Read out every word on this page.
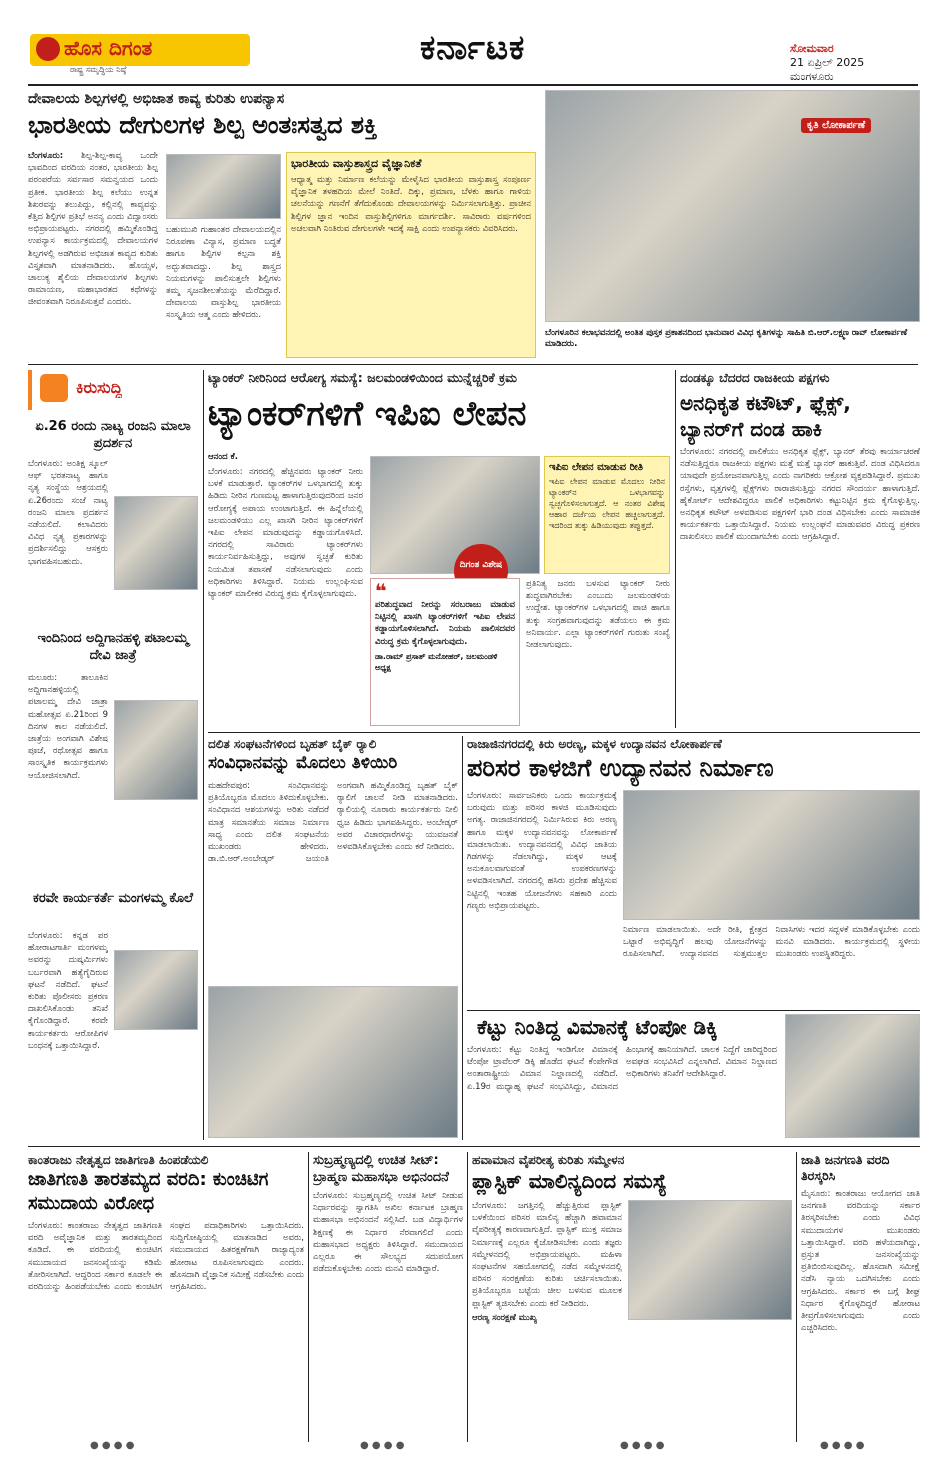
ಹೊಸ ದಿಗಂತ
ರಾಷ್ಟ್ರ ಸಮೃದ್ಧಿಯ ನಿಷ್ಠೆ
ಕರ್ನಾಟಕ	ಸೋಮವಾರ
21 ಏಪ್ರಿಲ್ 2025
ಮಂಗಳೂರು
ದೇವಾಲಯ ಶಿಲ್ಪಗಳಲ್ಲಿ ಅಭಿಜಾತ ಕಾವ್ಯ ಕುರಿತು ಉಪನ್ಯಾಸ
ಭಾರತೀಯ ದೇಗುಲಗಳ ಶಿಲ್ಪ ಅಂತಃಸತ್ವದ ಶಕ್ತಿ
ಬೆಂಗಳೂರು: ಶಿಲ್ಪ-ಶಿಲ್ಪ-ಕಾವ್ಯ ಒಂದೇ ಭಾವದಿಂದ ವರದಿಯ ನಂತರ, ಭಾರತೀಯ ಶಿಲ್ಪ ಪರಂಪರೆಯ ಸರ್ವಸಾರ ಸಮನ್ವಯದ ಒಂದು ಪ್ರತೀಕ. ಭಾರತೀಯ ಶಿಲ್ಪ ಕಲೆಯು ಉನ್ನತ ಶಿಖರವನ್ನು ತಲುಪಿದ್ದು, ಕಲ್ಲಿನಲ್ಲಿ ಕಾವ್ಯವನ್ನು ಕೆತ್ತಿದ ಶಿಲ್ಪಿಗಳ ಪ್ರತಿಭೆ ಅನನ್ಯ ಎಂದು ವಿದ್ವಾಂಸರು ಅಭಿಪ್ರಾಯಪಟ್ಟರು. ನಗರದಲ್ಲಿ ಹಮ್ಮಿಕೊಂಡಿದ್ದ ಉಪನ್ಯಾಸ ಕಾರ್ಯಕ್ರಮದಲ್ಲಿ ದೇವಾಲಯಗಳ ಶಿಲ್ಪಗಳಲ್ಲಿ ಅಡಗಿರುವ ಅಭಿಜಾತ ಕಾವ್ಯದ ಕುರಿತು ವಿಸ್ತೃತವಾಗಿ ಮಾತನಾಡಿದರು. ಹೊಯ್ಸಳ, ಚಾಲುಕ್ಯ ಶೈಲಿಯ ದೇವಾಲಯಗಳ ಶಿಲ್ಪಗಳು ರಾಮಾಯಣ, ಮಹಾಭಾರತದ ಕಥೆಗಳನ್ನು ಜೀವಂತವಾಗಿ ನಿರೂಪಿಸುತ್ತವೆ ಎಂದರು.
ಬಹುಮುಖಿ ಗುಹಾಂತರ ದೇವಾಲಯದಲ್ಲಿನ ನಿರೂಪಣಾ ವಿನ್ಯಾಸ, ಪ್ರಮಾಣ ಬದ್ಧತೆ ಹಾಗೂ ಶಿಲ್ಪಿಗಳ ಕಲ್ಪನಾ ಶಕ್ತಿ ಅದ್ಭುತವಾದದ್ದು. ಶಿಲ್ಪ ಶಾಸ್ತ್ರದ ನಿಯಮಗಳನ್ನು ಪಾಲಿಸುತ್ತಲೇ ಶಿಲ್ಪಿಗಳು ತಮ್ಮ ಸೃಜನಶೀಲತೆಯನ್ನು ಮೆರೆದಿದ್ದಾರೆ. ದೇವಾಲಯ ವಾಸ್ತುಶಿಲ್ಪ ಭಾರತೀಯ ಸಂಸ್ಕೃತಿಯ ಆತ್ಮ ಎಂದು ಹೇಳಿದರು.
ಭಾರತೀಯ ವಾಸ್ತುಶಾಸ್ತ್ರದ ವೈಜ್ಞಾನಿಕತೆ
ಆಧ್ಯಾತ್ಮ ಮತ್ತು ನಿರ್ಮಾಣ ಕಲೆಯನ್ನು ಮೇಳೈಸಿದ ಭಾರತೀಯ ವಾಸ್ತುಶಾಸ್ತ್ರ ಸಂಪೂರ್ಣ ವೈಜ್ಞಾನಿಕ ತಳಹದಿಯ ಮೇಲೆ ನಿಂತಿದೆ. ದಿಕ್ಕು, ಪ್ರಮಾಣ, ಬೆಳಕು ಹಾಗೂ ಗಾಳಿಯ ಚಲನೆಯನ್ನು ಗಣನೆಗೆ ತೆಗೆದುಕೊಂಡು ದೇವಾಲಯಗಳನ್ನು ನಿರ್ಮಿಸಲಾಗುತ್ತಿತ್ತು. ಪ್ರಾಚೀನ ಶಿಲ್ಪಿಗಳ ಜ್ಞಾನ ಇಂದಿನ ವಾಸ್ತುಶಿಲ್ಪಿಗಳಿಗೂ ಮಾರ್ಗದರ್ಶಿ. ಸಾವಿರಾರು ವರ್ಷಗಳಿಂದ ಅಚಲವಾಗಿ ನಿಂತಿರುವ ದೇಗುಲಗಳೇ ಇದಕ್ಕೆ ಸಾಕ್ಷಿ ಎಂದು ಉಪನ್ಯಾಸಕರು ವಿವರಿಸಿದರು.
ಕೃತಿ ಲೋಕಾರ್ಪಣೆ
ಬೆಂಗಳೂರಿನ ಕಲಾಭವನದಲ್ಲಿ ಅಂತಿತ ಪುಸ್ತಕ ಪ್ರಕಾಶನದಿಂದ ಭಾನುವಾರ ವಿವಿಧ ಕೃತಿಗಳನ್ನು ಸಾಹಿತಿ ಬಿ.ಆರ್.ಲಕ್ಷ್ಮಣ ರಾವ್ ಲೋಕಾರ್ಪಣೆ ಮಾಡಿದರು.
ಕಿರುಸುದ್ದಿ
ಏ.26 ರಂದು ನಾಟ್ಯ ರಂಜನಿ ಮಾಲಾ ಪ್ರದರ್ಶನ
ಬೆಂಗಳೂರು: ಅಂತಿಕ್ಷ ಸ್ಕೂಲ್ ಆಫ್ ಭರತನಾಟ್ಯ ಹಾಗೂ ನೃತ್ಯ ಸಂಸ್ಥೆಯ ಆಶ್ರಯದಲ್ಲಿ ಏ.26ರಂದು ಸಂಜೆ ನಾಟ್ಯ ರಂಜನಿ ಮಾಲಾ ಪ್ರದರ್ಶನ ನಡೆಯಲಿದೆ. ಕಲಾವಿದರು ವಿವಿಧ ನೃತ್ಯ ಪ್ರಕಾರಗಳನ್ನು ಪ್ರದರ್ಶಿಸಲಿದ್ದು ಆಸಕ್ತರು ಭಾಗವಹಿಸಬಹುದು.
ಇಂದಿನಿಂದ ಅದ್ದಿಗಾನಹಳ್ಳಿ ಪಟಾಲಮ್ಮ ದೇವಿ ಜಾತ್ರೆ
ಮಲೂರು: ತಾಲೂಕಿನ ಅದ್ದಿಗಾನಹಳ್ಳಿಯಲ್ಲಿ ಪಟಾಲಮ್ಮ ದೇವಿ ಜಾತ್ರಾ ಮಹೋತ್ಸವ ಏ.21ರಿಂದ 9 ದಿನಗಳ ಕಾಲ ನಡೆಯಲಿದೆ. ಜಾತ್ರೆಯ ಅಂಗವಾಗಿ ವಿಶೇಷ ಪೂಜೆ, ರಥೋತ್ಸವ ಹಾಗೂ ಸಾಂಸ್ಕೃತಿಕ ಕಾರ್ಯಕ್ರಮಗಳು ಆಯೋಜಿಸಲಾಗಿದೆ.
ಕರವೇ ಕಾರ್ಯಕರ್ತೆ ಮಂಗಳಮ್ಮ ಕೊಲೆ
ಬೆಂಗಳೂರು: ಕನ್ನಡ ಪರ ಹೋರಾಟಗಾರ್ತಿ ಮಂಗಳಮ್ಮ ಅವರನ್ನು ದುಷ್ಕರ್ಮಿಗಳು ಬರ್ಬರವಾಗಿ ಹತ್ಯೆಗೈದಿರುವ ಘಟನೆ ನಡೆದಿದೆ. ಘಟನೆ ಕುರಿತು ಪೊಲೀಸರು ಪ್ರಕರಣ ದಾಖಲಿಸಿಕೊಂಡು ತನಿಖೆ ಕೈಗೊಂಡಿದ್ದಾರೆ. ಕರವೇ ಕಾರ್ಯಕರ್ತರು ಆರೋಪಿಗಳ ಬಂಧನಕ್ಕೆ ಒತ್ತಾಯಿಸಿದ್ದಾರೆ.
ಟ್ಯಾಂಕರ್ ನೀರಿನಿಂದ ಆರೋಗ್ಯ ಸಮಸ್ಯೆ: ಜಲಮಂಡಳಿಯಿಂದ ಮುನ್ನೆಚ್ಚರಿಕೆ ಕ್ರಮ
ಟ್ಯಾಂಕರ್‌ಗಳಿಗೆ ಇಪಿಐ ಲೇಪನ
ಆನಂದ ಕೆ.
ಬೆಂಗಳೂರು: ನಗರದಲ್ಲಿ ಹೆಚ್ಚಿನವರು ಟ್ಯಾಂಕರ್ ನೀರು ಬಳಕೆ ಮಾಡುತ್ತಾರೆ. ಟ್ಯಾಂಕರ್‌ಗಳ ಒಳಭಾಗದಲ್ಲಿ ತುಕ್ಕು ಹಿಡಿದು ನೀರಿನ ಗುಣಮಟ್ಟ ಹಾಳಾಗುತ್ತಿರುವುದರಿಂದ ಜನರ ಆರೋಗ್ಯಕ್ಕೆ ಅಪಾಯ ಉಂಟಾಗುತ್ತಿದೆ. ಈ ಹಿನ್ನೆಲೆಯಲ್ಲಿ ಜಲಮಂಡಳಿಯು ಎಲ್ಲ ಖಾಸಗಿ ನೀರಿನ ಟ್ಯಾಂಕರ್‌ಗಳಿಗೆ ಇಪಿಐ ಲೇಪನ ಮಾಡುವುದನ್ನು ಕಡ್ಡಾಯಗೊಳಿಸಿದೆ. ನಗರದಲ್ಲಿ ಸಾವಿರಾರು ಟ್ಯಾಂಕರ್‌ಗಳು ಕಾರ್ಯನಿರ್ವಹಿಸುತ್ತಿದ್ದು, ಅವುಗಳ ಸ್ವಚ್ಛತೆ ಕುರಿತು ನಿಯಮಿತ ತಪಾಸಣೆ ನಡೆಸಲಾಗುವುದು ಎಂದು ಅಧಿಕಾರಿಗಳು ತಿಳಿಸಿದ್ದಾರೆ. ನಿಯಮ ಉಲ್ಲಂಘಿಸುವ ಟ್ಯಾಂಕರ್ ಮಾಲೀಕರ ವಿರುದ್ಧ ಕ್ರಮ ಕೈಗೊಳ್ಳಲಾಗುವುದು.
ದಿಗಂತ ವಿಶೇಷ
ಇಪಿಐ ಲೇಪನ ಮಾಡುವ ರೀತಿ
ಇಪಿಐ ಲೇಪನ ಮಾಡುವ ಮೊದಲು ನೀರಿನ ಟ್ಯಾಂಕರ್‌ನ ಒಳಭಾಗವನ್ನು ಸ್ವಚ್ಛಗೊಳಿಸಲಾಗುತ್ತದೆ. ಆ ನಂತರ ವಿಶೇಷ ಆಹಾರ ದರ್ಜೆಯ ಲೇಪನ ಹಚ್ಚಲಾಗುತ್ತದೆ. ಇದರಿಂದ ತುಕ್ಕು ಹಿಡಿಯುವುದು ತಪ್ಪುತ್ತದೆ.
❝
ಪರಿಶುದ್ಧವಾದ ನೀರನ್ನು ಸರಬರಾಜು ಮಾಡುವ ನಿಟ್ಟಿನಲ್ಲಿ ಖಾಸಗಿ ಟ್ಯಾಂಕರ್‌ಗಳಿಗೆ ಇಪಿಐ ಲೇಪನ ಕಡ್ಡಾಯಗೊಳಿಸಲಾಗಿದೆ. ನಿಯಮ ಪಾಲಿಸದವರ ವಿರುದ್ಧ ಕ್ರಮ ಕೈಗೊಳ್ಳಲಾಗುವುದು.
ಡಾ.ರಾಮ್ ಪ್ರಸಾತ್ ಮನೋಹರ್, ಜಲಮಂಡಳಿ ಅಧ್ಯಕ್ಷ
ಪ್ರತಿನಿತ್ಯ ಜನರು ಬಳಸುವ ಟ್ಯಾಂಕರ್ ನೀರು ಶುದ್ಧವಾಗಿರಬೇಕು ಎಂಬುದು ಜಲಮಂಡಳಿಯ ಉದ್ದೇಶ. ಟ್ಯಾಂಕರ್‌ಗಳ ಒಳಭಾಗದಲ್ಲಿ ಪಾಚಿ ಹಾಗೂ ತುಕ್ಕು ಸಂಗ್ರಹವಾಗುವುದನ್ನು ತಡೆಯಲು ಈ ಕ್ರಮ ಅನಿವಾರ್ಯ. ಎಲ್ಲಾ ಟ್ಯಾಂಕರ್‌ಗಳಿಗೆ ಗುರುತು ಸಂಖ್ಯೆ ನೀಡಲಾಗುವುದು.
ದಂಡಕ್ಕೂ ಬೆದರದ ರಾಜಕೀಯ ಪಕ್ಷಗಳು
ಅನಧಿಕೃತ ಕಟೌಟ್, ಫ್ಲೆಕ್ಸ್, ಬ್ಯಾನರ್‌ಗೆ ದಂಡ ಹಾಕಿ
ಬೆಂಗಳೂರು: ನಗರದಲ್ಲಿ ಪಾಲಿಕೆಯು ಅನಧಿಕೃತ ಫ್ಲೆಕ್ಸ್, ಬ್ಯಾನರ್ ತೆರವು ಕಾರ್ಯಾಚರಣೆ ನಡೆಸುತ್ತಿದ್ದರೂ ರಾಜಕೀಯ ಪಕ್ಷಗಳು ಮತ್ತೆ ಮತ್ತೆ ಬ್ಯಾನರ್ ಹಾಕುತ್ತಿವೆ. ದಂಡ ವಿಧಿಸಿದರೂ ಯಾವುದೇ ಪ್ರಯೋಜನವಾಗುತ್ತಿಲ್ಲ ಎಂದು ನಾಗರಿಕರು ಆಕ್ರೋಶ ವ್ಯಕ್ತಪಡಿಸಿದ್ದಾರೆ. ಪ್ರಮುಖ ರಸ್ತೆಗಳು, ವೃತ್ತಗಳಲ್ಲಿ ಫ್ಲೆಕ್ಸ್‌ಗಳು ರಾರಾಜಿಸುತ್ತಿದ್ದು ನಗರದ ಸೌಂದರ್ಯ ಹಾಳಾಗುತ್ತಿದೆ. ಹೈಕೋರ್ಟ್ ಆದೇಶವಿದ್ದರೂ ಪಾಲಿಕೆ ಅಧಿಕಾರಿಗಳು ಕಟ್ಟುನಿಟ್ಟಿನ ಕ್ರಮ ಕೈಗೊಳ್ಳುತ್ತಿಲ್ಲ. ಅನಧಿಕೃತ ಕಟೌಟ್ ಅಳವಡಿಸುವ ಪಕ್ಷಗಳಿಗೆ ಭಾರಿ ದಂಡ ವಿಧಿಸಬೇಕು ಎಂದು ಸಾಮಾಜಿಕ ಕಾರ್ಯಕರ್ತರು ಒತ್ತಾಯಿಸಿದ್ದಾರೆ. ನಿಯಮ ಉಲ್ಲಂಘನೆ ಮಾಡುವವರ ವಿರುದ್ಧ ಪ್ರಕರಣ ದಾಖಲಿಸಲು ಪಾಲಿಕೆ ಮುಂದಾಗಬೇಕು ಎಂದು ಆಗ್ರಹಿಸಿದ್ದಾರೆ.
ದಲಿತ ಸಂಘಟನೆಗಳಿಂದ ಬೃಹತ್ ಬೈಕ್ ರ್‍ಯಾಲಿ
ಸಂವಿಧಾನವನ್ನು ಮೊದಲು ತಿಳಿಯಿರಿ
ಮಹದೇವಪುರ: ಸಂವಿಧಾನವನ್ನು ಪ್ರತಿಯೊಬ್ಬರೂ ಮೊದಲು ತಿಳಿದುಕೊಳ್ಳಬೇಕು. ಸಂವಿಧಾನದ ಆಶಯಗಳನ್ನು ಅರಿತು ನಡೆದರೆ ಮಾತ್ರ ಸಮಾನತೆಯ ಸಮಾಜ ನಿರ್ಮಾಣ ಸಾಧ್ಯ ಎಂದು ದಲಿತ ಸಂಘಟನೆಯ ಮುಖಂಡರು ಹೇಳಿದರು. ಡಾ.ಬಿ.ಆರ್.ಅಂಬೇಡ್ಕರ್ ಜಯಂತಿ ಅಂಗವಾಗಿ ಹಮ್ಮಿಕೊಂಡಿದ್ದ ಬೃಹತ್ ಬೈಕ್ ರ್‍ಯಾಲಿಗೆ ಚಾಲನೆ ನೀಡಿ ಮಾತನಾಡಿದರು. ರ್‍ಯಾಲಿಯಲ್ಲಿ ನೂರಾರು ಕಾರ್ಯಕರ್ತರು ನೀಲಿ ಧ್ವಜ ಹಿಡಿದು ಭಾಗವಹಿಸಿದ್ದರು. ಅಂಬೇಡ್ಕರ್ ಅವರ ವಿಚಾರಧಾರೆಗಳನ್ನು ಯುವಜನತೆ ಅಳವಡಿಸಿಕೊಳ್ಳಬೇಕು ಎಂದು ಕರೆ ನೀಡಿದರು.
ರಾಜಾಜಿನಗರದಲ್ಲಿ ಕಿರು ಅರಣ್ಯ, ಮಕ್ಕಳ ಉದ್ಯಾನವನ ಲೋಕಾರ್ಪಣೆ
ಪರಿಸರ ಕಾಳಜಿಗೆ ಉದ್ಯಾನವನ ನಿರ್ಮಾಣ
ಬೆಂಗಳೂರು: ಸಾರ್ವಜನಿಕರು ಒಂದು ಕಾರ್ಯಕ್ರಮಕ್ಕೆ ಬರುವುದು ಮತ್ತು ಪರಿಸರ ಕಾಳಜಿ ಮೂಡಿಸುವುದು ಅಗತ್ಯ. ರಾಜಾಜಿನಗರದಲ್ಲಿ ನಿರ್ಮಿಸಿರುವ ಕಿರು ಅರಣ್ಯ ಹಾಗೂ ಮಕ್ಕಳ ಉದ್ಯಾನವನವನ್ನು ಲೋಕಾರ್ಪಣೆ ಮಾಡಲಾಯಿತು. ಉದ್ಯಾನವನದಲ್ಲಿ ವಿವಿಧ ಜಾತಿಯ ಗಿಡಗಳನ್ನು ನೆಡಲಾಗಿದ್ದು, ಮಕ್ಕಳ ಆಟಕ್ಕೆ ಅನುಕೂಲವಾಗುವಂತೆ ಉಪಕರಣಗಳನ್ನು ಅಳವಡಿಸಲಾಗಿದೆ. ನಗರದಲ್ಲಿ ಹಸಿರು ಪ್ರದೇಶ ಹೆಚ್ಚಿಸುವ ನಿಟ್ಟಿನಲ್ಲಿ ಇಂತಹ ಯೋಜನೆಗಳು ಸಹಕಾರಿ ಎಂದು ಗಣ್ಯರು ಅಭಿಪ್ರಾಯಪಟ್ಟರು.
ನಿರ್ಮಾಣ ಮಾಡಲಾಯಿತು. ಅದೇ ರೀತಿ, ಕ್ಷೇತ್ರದ ಒಟ್ಟಾರೆ ಅಭಿವೃದ್ಧಿಗೆ ಹಲವು ಯೋಜನೆಗಳನ್ನು ರೂಪಿಸಲಾಗಿದೆ. ಉದ್ಯಾನವನದ ಸುತ್ತಮುತ್ತಲ ನಿವಾಸಿಗಳು ಇದರ ಸದ್ಬಳಕೆ ಮಾಡಿಕೊಳ್ಳಬೇಕು ಎಂದು ಮನವಿ ಮಾಡಿದರು. ಕಾರ್ಯಕ್ರಮದಲ್ಲಿ ಸ್ಥಳೀಯ ಮುಖಂಡರು ಉಪಸ್ಥಿತರಿದ್ದರು.
ಕೆಟ್ಟು ನಿಂತಿದ್ದ ವಿಮಾನಕ್ಕೆ ಟೆಂಪೋ ಡಿಕ್ಕಿ
ಬೆಂಗಳೂರು: ಕೆಟ್ಟು ನಿಂತಿದ್ದ ಇಂಡಿಗೋ ವಿಮಾನಕ್ಕೆ ಟೆಂಪೋ ಟ್ರಾವೆಲರ್ ಡಿಕ್ಕಿ ಹೊಡೆದ ಘಟನೆ ಕೆಂಪೇಗೌಡ ಅಂತಾರಾಷ್ಟ್ರೀಯ ವಿಮಾನ ನಿಲ್ದಾಣದಲ್ಲಿ ನಡೆದಿದೆ. ಏ.19ರ ಮಧ್ಯಾಹ್ನ ಘಟನೆ ಸಂಭವಿಸಿದ್ದು, ವಿಮಾನದ ಹಿಂಭಾಗಕ್ಕೆ ಹಾನಿಯಾಗಿದೆ. ಚಾಲಕ ನಿದ್ದೆಗೆ ಜಾರಿದ್ದರಿಂದ ಅವಘಡ ಸಂಭವಿಸಿದೆ ಎನ್ನಲಾಗಿದೆ. ವಿಮಾನ ನಿಲ್ದಾಣದ ಅಧಿಕಾರಿಗಳು ತನಿಖೆಗೆ ಆದೇಶಿಸಿದ್ದಾರೆ.
ಕಾಂತರಾಜು ನೇತೃತ್ವದ ಜಾತಿಗಣತಿ ಹಿಂಪಡೆಯಲಿ
ಜಾತಿಗಣತಿ ತಾರತಮ್ಯದ ವರದಿ: ಕುಂಚಿಟಿಗ ಸಮುದಾಯ ವಿರೋಧ
ಬೆಂಗಳೂರು: ಕಾಂತರಾಜು ನೇತೃತ್ವದ ಜಾತಿಗಣತಿ ವರದಿ ಅವೈಜ್ಞಾನಿಕ ಮತ್ತು ತಾರತಮ್ಯದಿಂದ ಕೂಡಿದೆ. ಈ ವರದಿಯಲ್ಲಿ ಕುಂಚಿಟಿಗ ಸಮುದಾಯದ ಜನಸಂಖ್ಯೆಯನ್ನು ಕಡಿಮೆ ತೋರಿಸಲಾಗಿದೆ. ಆದ್ದರಿಂದ ಸರ್ಕಾರ ಕೂಡಲೇ ಈ ವರದಿಯನ್ನು ಹಿಂಪಡೆಯಬೇಕು ಎಂದು ಕುಂಚಿಟಿಗ ಸಂಘದ ಪದಾಧಿಕಾರಿಗಳು ಒತ್ತಾಯಿಸಿದರು. ಸುದ್ದಿಗೋಷ್ಠಿಯಲ್ಲಿ ಮಾತನಾಡಿದ ಅವರು, ಸಮುದಾಯದ ಹಿತರಕ್ಷಣೆಗಾಗಿ ರಾಜ್ಯಾದ್ಯಂತ ಹೋರಾಟ ರೂಪಿಸಲಾಗುವುದು ಎಂದರು. ಹೊಸದಾಗಿ ವೈಜ್ಞಾನಿಕ ಸಮೀಕ್ಷೆ ನಡೆಸಬೇಕು ಎಂದು ಆಗ್ರಹಿಸಿದರು.
ಸುಬ್ರಹ್ಮಣ್ಯದಲ್ಲಿ ಉಚಿತ ಸೀಟ್: ಬ್ರಾಹ್ಮಣ ಮಹಾಸಭಾ ಅಭಿನಂದನೆ
ಬೆಂಗಳೂರು: ಸುಬ್ರಹ್ಮಣ್ಯದಲ್ಲಿ ಉಚಿತ ಸೀಟ್ ನೀಡುವ ನಿರ್ಧಾರವನ್ನು ಸ್ವಾಗತಿಸಿ ಅಖಿಲ ಕರ್ನಾಟಕ ಬ್ರಾಹ್ಮಣ ಮಹಾಸಭಾ ಅಭಿನಂದನೆ ಸಲ್ಲಿಸಿದೆ. ಬಡ ವಿದ್ಯಾರ್ಥಿಗಳ ಶಿಕ್ಷಣಕ್ಕೆ ಈ ನಿರ್ಧಾರ ನೆರವಾಗಲಿದೆ ಎಂದು ಮಹಾಸಭಾದ ಅಧ್ಯಕ್ಷರು ತಿಳಿಸಿದ್ದಾರೆ. ಸಮುದಾಯದ ಎಲ್ಲರೂ ಈ ಸೌಲಭ್ಯದ ಸದುಪಯೋಗ ಪಡೆದುಕೊಳ್ಳಬೇಕು ಎಂದು ಮನವಿ ಮಾಡಿದ್ದಾರೆ.
ಹವಾಮಾನ ವೈಪರೀತ್ಯ ಕುರಿತು ಸಮ್ಮೇಳನ
ಪ್ಲಾಸ್ಟಿಕ್ ಮಾಲಿನ್ಯದಿಂದ ಸಮಸ್ಯೆ
ಬೆಂಗಳೂರು: ಜಗತ್ತಿನಲ್ಲಿ ಹೆಚ್ಚುತ್ತಿರುವ ಪ್ಲಾಸ್ಟಿಕ್ ಬಳಕೆಯಿಂದ ಪರಿಸರ ಮಾಲಿನ್ಯ ಹೆಚ್ಚಾಗಿ ಹವಾಮಾನ ವೈಪರೀತ್ಯಕ್ಕೆ ಕಾರಣವಾಗುತ್ತಿದೆ. ಪ್ಲಾಸ್ಟಿಕ್ ಮುಕ್ತ ಸಮಾಜ ನಿರ್ಮಾಣಕ್ಕೆ ಎಲ್ಲರೂ ಕೈಜೋಡಿಸಬೇಕು ಎಂದು ತಜ್ಞರು ಸಮ್ಮೇಳನದಲ್ಲಿ ಅಭಿಪ್ರಾಯಪಟ್ಟರು. ಮಹಿಳಾ ಸಂಘಟನೆಗಳ ಸಹಯೋಗದಲ್ಲಿ ನಡೆದ ಸಮ್ಮೇಳನದಲ್ಲಿ ಪರಿಸರ ಸಂರಕ್ಷಣೆಯ ಕುರಿತು ಚರ್ಚಿಸಲಾಯಿತು. ಪ್ರತಿಯೊಬ್ಬರೂ ಬಟ್ಟೆಯ ಚೀಲ ಬಳಸುವ ಮೂಲಕ ಪ್ಲಾಸ್ಟಿಕ್ ತ್ಯಜಿಸಬೇಕು ಎಂದು ಕರೆ ನೀಡಿದರು.
ಆರಣ್ಯ ಸಂರಕ್ಷಣೆ ಮುಖ್ಯ
ಜಾತಿ ಜನಗಣತಿ ವರದಿ ತಿರಸ್ಕರಿಸಿ
ಮೈಸೂರು: ಕಾಂತರಾಜು ಆಯೋಗದ ಜಾತಿ ಜನಗಣತಿ ವರದಿಯನ್ನು ಸರ್ಕಾರ ತಿರಸ್ಕರಿಸಬೇಕು ಎಂದು ವಿವಿಧ ಸಮುದಾಯಗಳ ಮುಖಂಡರು ಒತ್ತಾಯಿಸಿದ್ದಾರೆ. ವರದಿ ಹಳೆಯದಾಗಿದ್ದು, ಪ್ರಸ್ತುತ ಜನಸಂಖ್ಯೆಯನ್ನು ಪ್ರತಿಬಿಂಬಿಸುವುದಿಲ್ಲ. ಹೊಸದಾಗಿ ಸಮೀಕ್ಷೆ ನಡೆಸಿ ನ್ಯಾಯ ಒದಗಿಸಬೇಕು ಎಂದು ಆಗ್ರಹಿಸಿದರು. ಸರ್ಕಾರ ಈ ಬಗ್ಗೆ ಶೀಘ್ರ ನಿರ್ಧಾರ ಕೈಗೊಳ್ಳದಿದ್ದರೆ ಹೋರಾಟ ತೀವ್ರಗೊಳಿಸಲಾಗುವುದು ಎಂದು ಎಚ್ಚರಿಸಿದರು.
● ● ● ●	● ● ● ●	● ● ● ●	● ● ● ●
